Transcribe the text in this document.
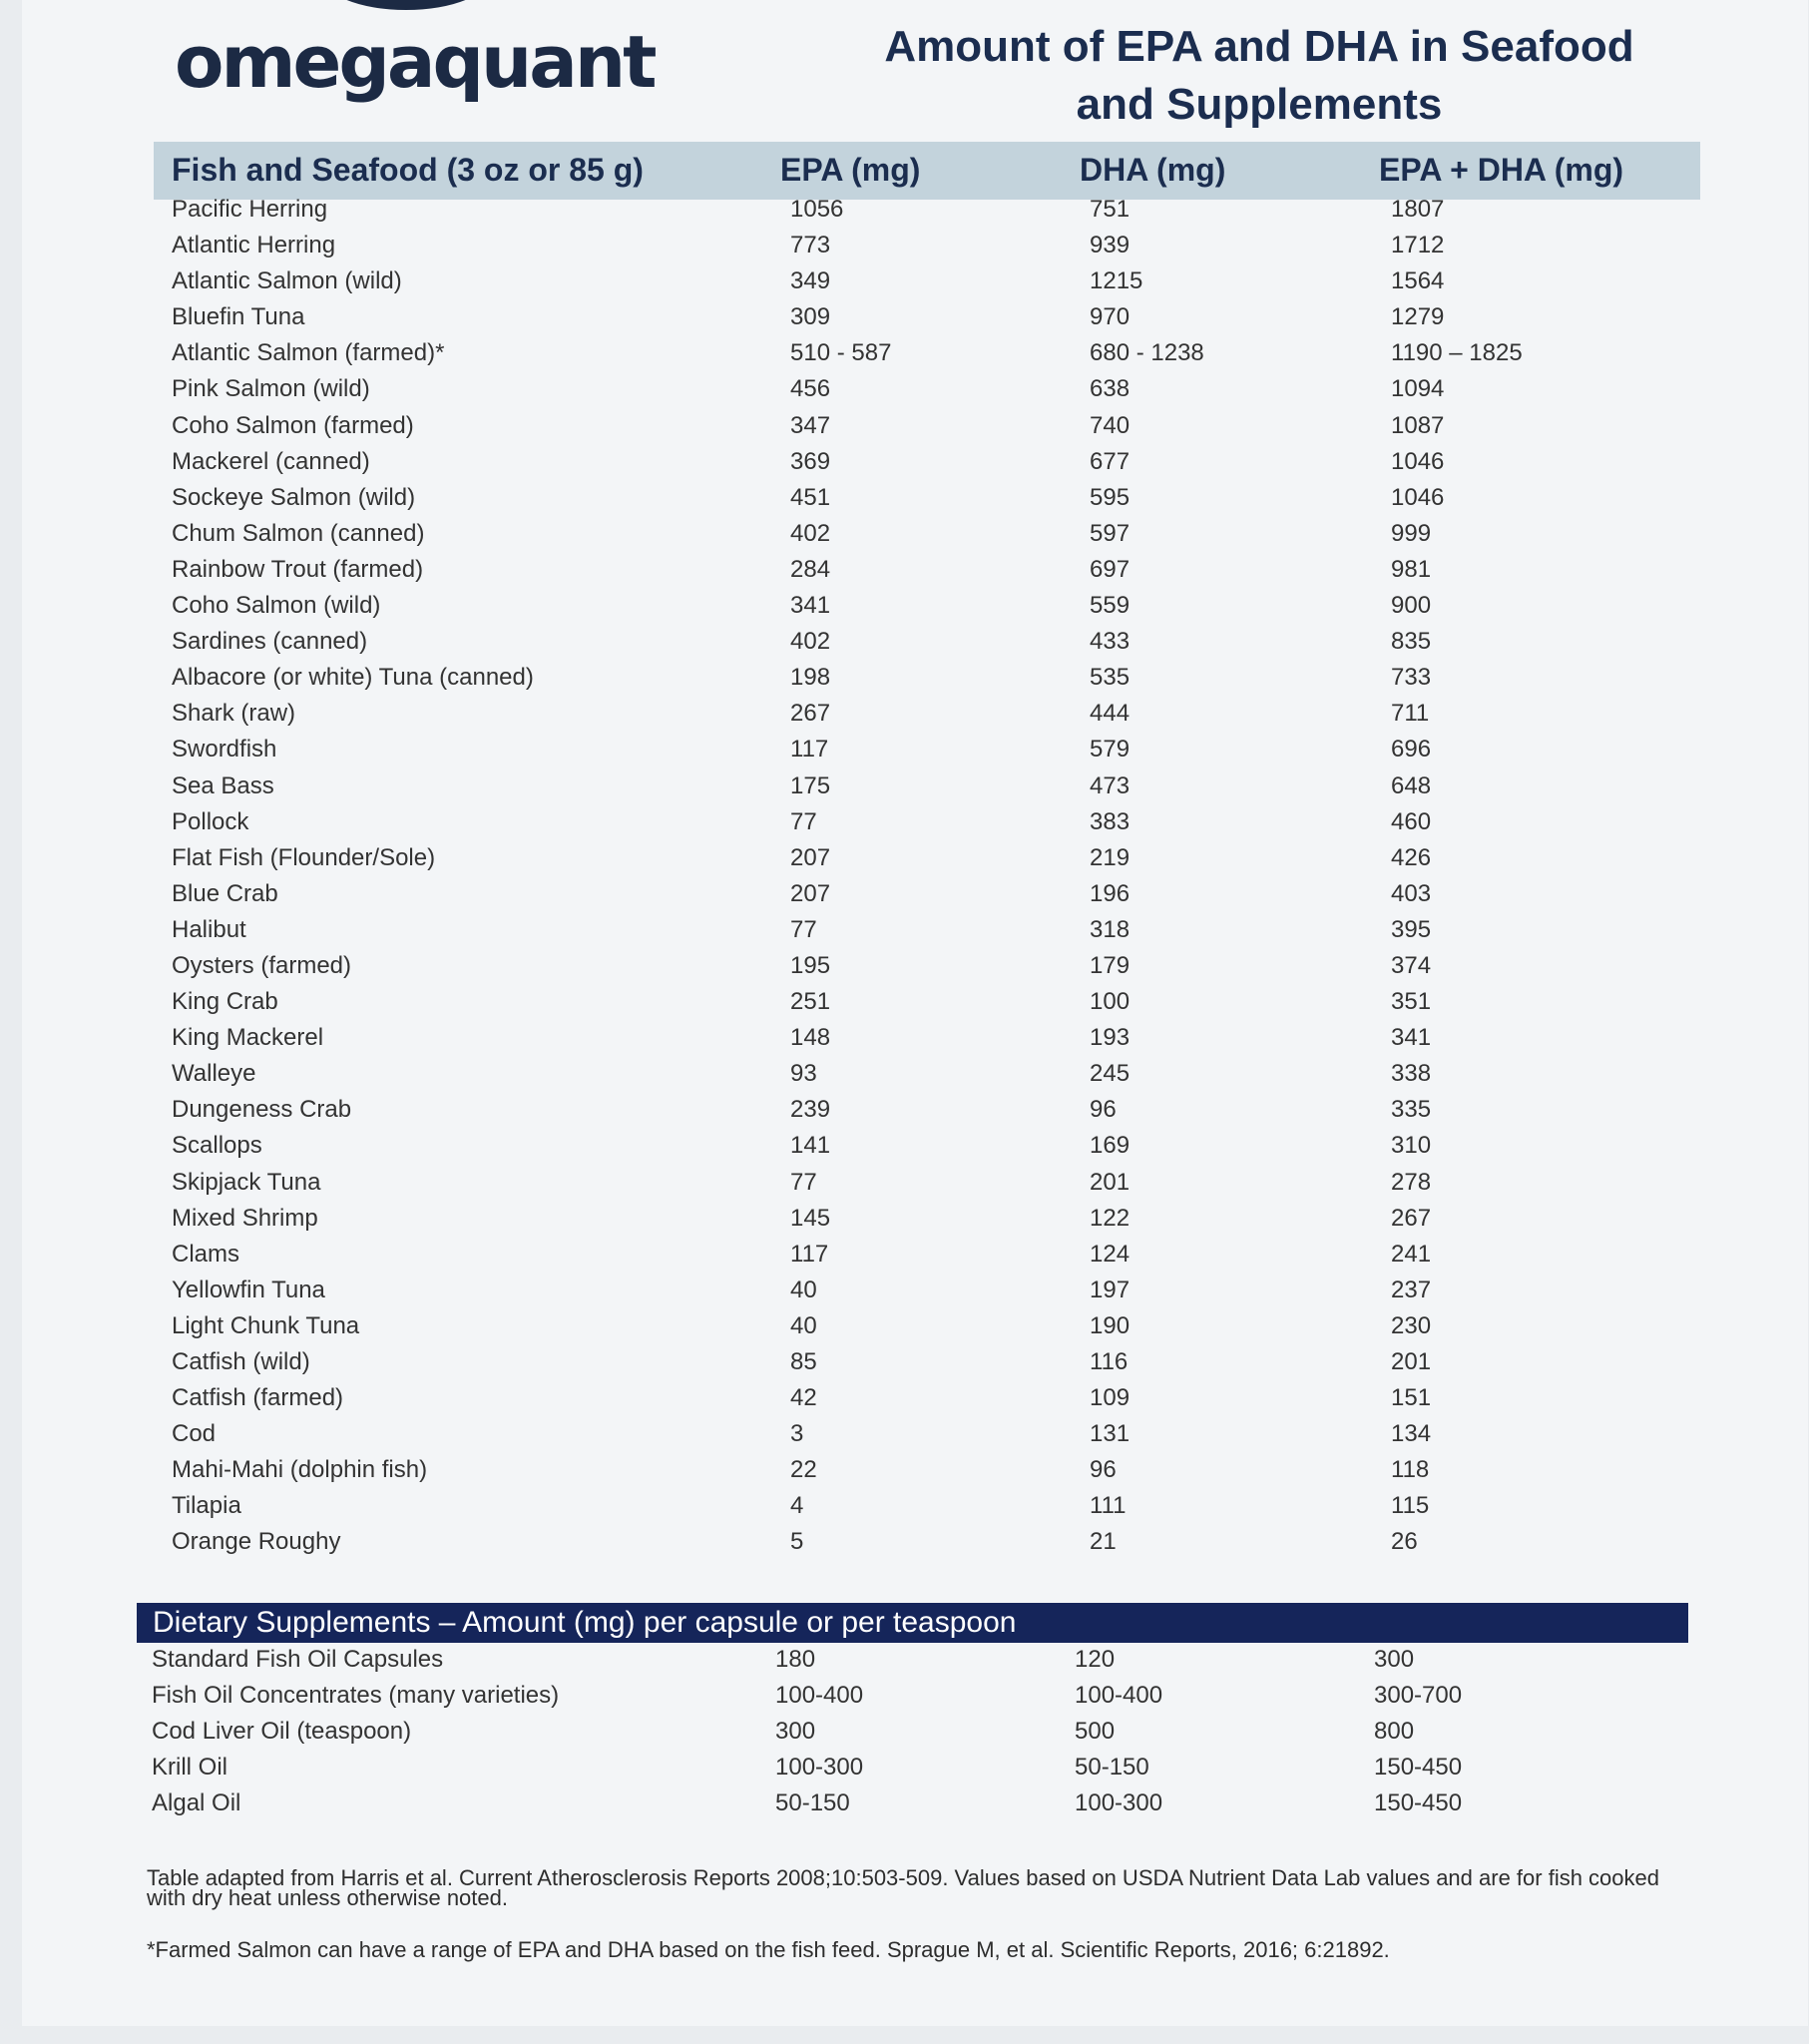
omegaquant	Amount of EPA and DHA in Seafood and Supplements
Fish and Seafood (3 oz or 85 g)	EPA (mg)	DHA (mg)	EPA + DHA (mg)
Pacific Herring	1056	751	1807
Atlantic Herring	773	939	1712
Atlantic Salmon (wild)	349	1215	1564
Bluefin Tuna	309	970	1279
Atlantic Salmon (farmed)*	510 - 587	680 - 1238	1190 – 1825
Pink Salmon (wild)	456	638	1094
Coho Salmon (farmed)	347	740	1087
Mackerel (canned)	369	677	1046
Sockeye Salmon (wild)	451	595	1046
Chum Salmon (canned)	402	597	999
Rainbow Trout (farmed)	284	697	981
Coho Salmon (wild)	341	559	900
Sardines (canned)	402	433	835
Albacore (or white) Tuna (canned)	198	535	733
Shark (raw)	267	444	711
Swordfish	117	579	696
Sea Bass	175	473	648
Pollock	77	383	460
Flat Fish (Flounder/Sole)	207	219	426
Blue Crab	207	196	403
Halibut	77	318	395
Oysters (farmed)	195	179	374
King Crab	251	100	351
King Mackerel	148	193	341
Walleye	93	245	338
Dungeness Crab	239	96	335
Scallops	141	169	310
Skipjack Tuna	77	201	278
Mixed Shrimp	145	122	267
Clams	117	124	241
Yellowfin Tuna	40	197	237
Light Chunk Tuna	40	190	230
Catfish (wild)	85	116	201
Catfish (farmed)	42	109	151
Cod	3	131	134
Mahi-Mahi (dolphin fish)	22	96	118
Tilapia	4	111	115
Orange Roughy	5	21	26
Dietary Supplements – Amount (mg) per capsule or per teaspoon
Standard Fish Oil Capsules	180	120	300
Fish Oil Concentrates (many varieties)	100-400	100-400	300-700
Cod Liver Oil (teaspoon)	300	500	800
Krill Oil	100-300	50-150	150-450
Algal Oil	50-150	100-300	150-450
Table adapted from Harris et al. Current Atherosclerosis Reports 2008;10:503-509. Values based on USDA Nutrient Data Lab values and are for fish cooked with dry heat unless otherwise noted.
*Farmed Salmon can have a range of EPA and DHA based on the fish feed. Sprague M, et al. Scientific Reports, 2016; 6:21892.
